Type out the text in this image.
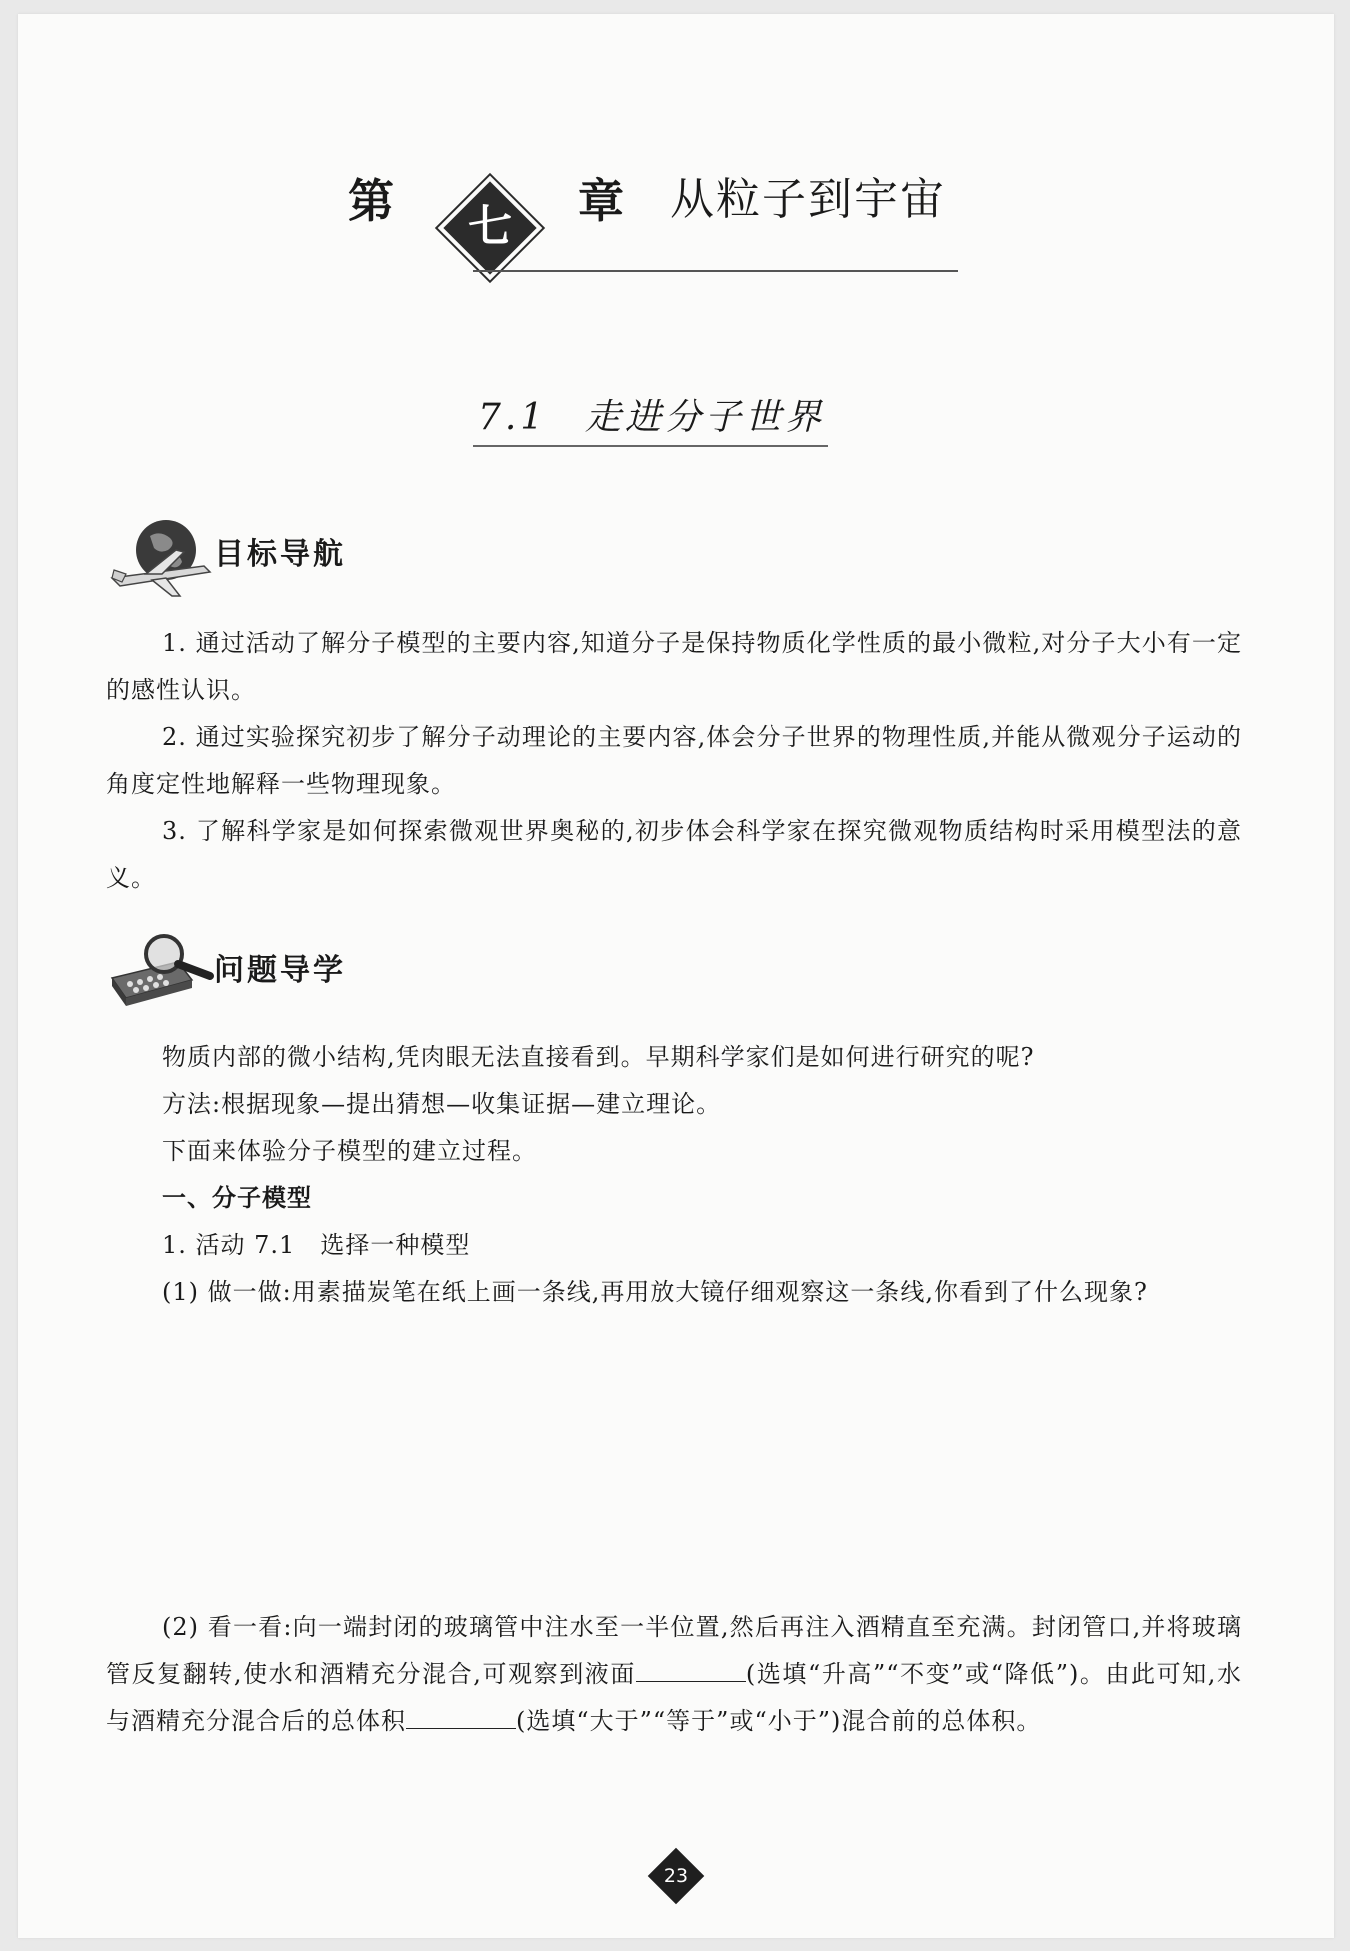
第	七	章 从粒子到宇宙
7.1 走进分子世界
目标导航

1. 通过活动了解分子模型的主要内容,知道分子是保持物质化学性质的最小微粒,对分子大小有一定的感性认识。

2. 通过实验探究初步了解分子动理论的主要内容,体会分子世界的物理性质,并能从微观分子运动的角度定性地解释一些物理现象。

3. 了解科学家是如何探索微观世界奥秘的,初步体会科学家在探究微观物质结构时采用模型法的意义。

问题导学

物质内部的微小结构,凭肉眼无法直接看到。早期科学家们是如何进行研究的呢?

方法:根据现象—提出猜想—收集证据—建立理论。

下面来体验分子模型的建立过程。

一、分子模型

1. 活动 7.1　选择一种模型

(1) 做一做:用素描炭笔在纸上画一条线,再用放大镜仔细观察这一条线,你看到了什么现象?

(2) 看一看:向一端封闭的玻璃管中注水至一半位置,然后再注入酒精直至充满。封闭管口,并将玻璃管反复翻转,使水和酒精充分混合,可观察到液面	(选填“升高”“不变”或“降低”)。由此可知,水与酒精充分混合后的总体积	(选填“大于”“等于”或“小于”)混合前的总体积。

23
